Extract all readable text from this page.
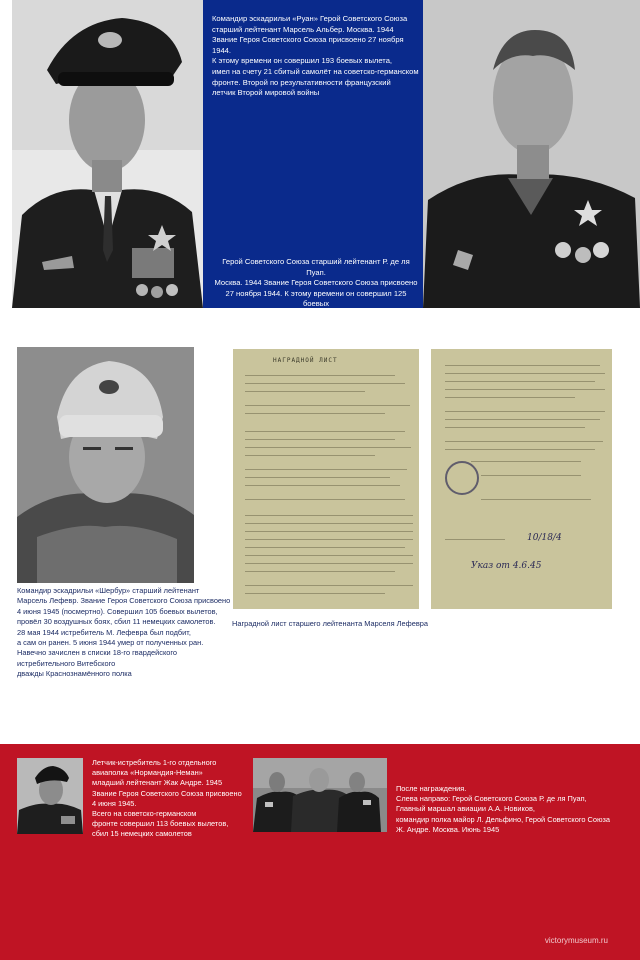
Командир эскадрильи «Руан» Герой Советского Союза
старший лейтенант Марсель Альбер. Москва. 1944
Звание Героя Советского Союза присвоено 27 ноября 1944.
К этому времени он совершил 193 боевых вылета,
имел на счету 21 сбитый самолёт на советско-германском
фронте. Второй по результативности французский
летчик Второй мировой войны
Герой Советского Союза старший лейтенант Р. де ля Пуап.
Москва. 1944 Звание Героя Советского Союза присвоено
27 ноября 1944. К этому времени он совершил 125 боевых
вылетов и имел на счету 16 сбитых самолетов противника.
Командир эскадрильи «Шербур» старший лейтенант
Марсель Лефевр. Звание Героя Советского Союза присвоено
4 июня 1945 (посмертно). Совершил 105 боевых вылетов,
провёл 30 воздушных боях, сбил 11 немецких самолетов.
28 мая 1944 истребитель М. Лефевра был подбит,
а сам он ранен. 5 июня 1944 умер от полученных ран.
Навечно зачислен в списки 18-го гвардейского
истребительного Витебского
дважды Краснознамённого полка
НАГРАДНОЙ ЛИСТ
10/18/4
Указ от 4.6.45
Наградной лист старшего лейтенанта Марселя Лефевра
Летчик-истребитель 1-го отдельного
авиаполка «Нормандия-Неман»
младший лейтенант Жак Андре. 1945
Звание Героя Советского Союза присвоено
4 июня 1945.
Всего на советско-германском
фронте совершил 113 боевых вылетов,
сбил 15 немецких самолетов
После награждения.
Слева направо: Герой Советского Союза Р. де ля Пуап,
Главный маршал авиации А.А. Новиков,
командир полка майор Л. Дельфино, Герой Советского Союза
Ж. Андре. Москва. Июнь 1945
victorymuseum.ru
